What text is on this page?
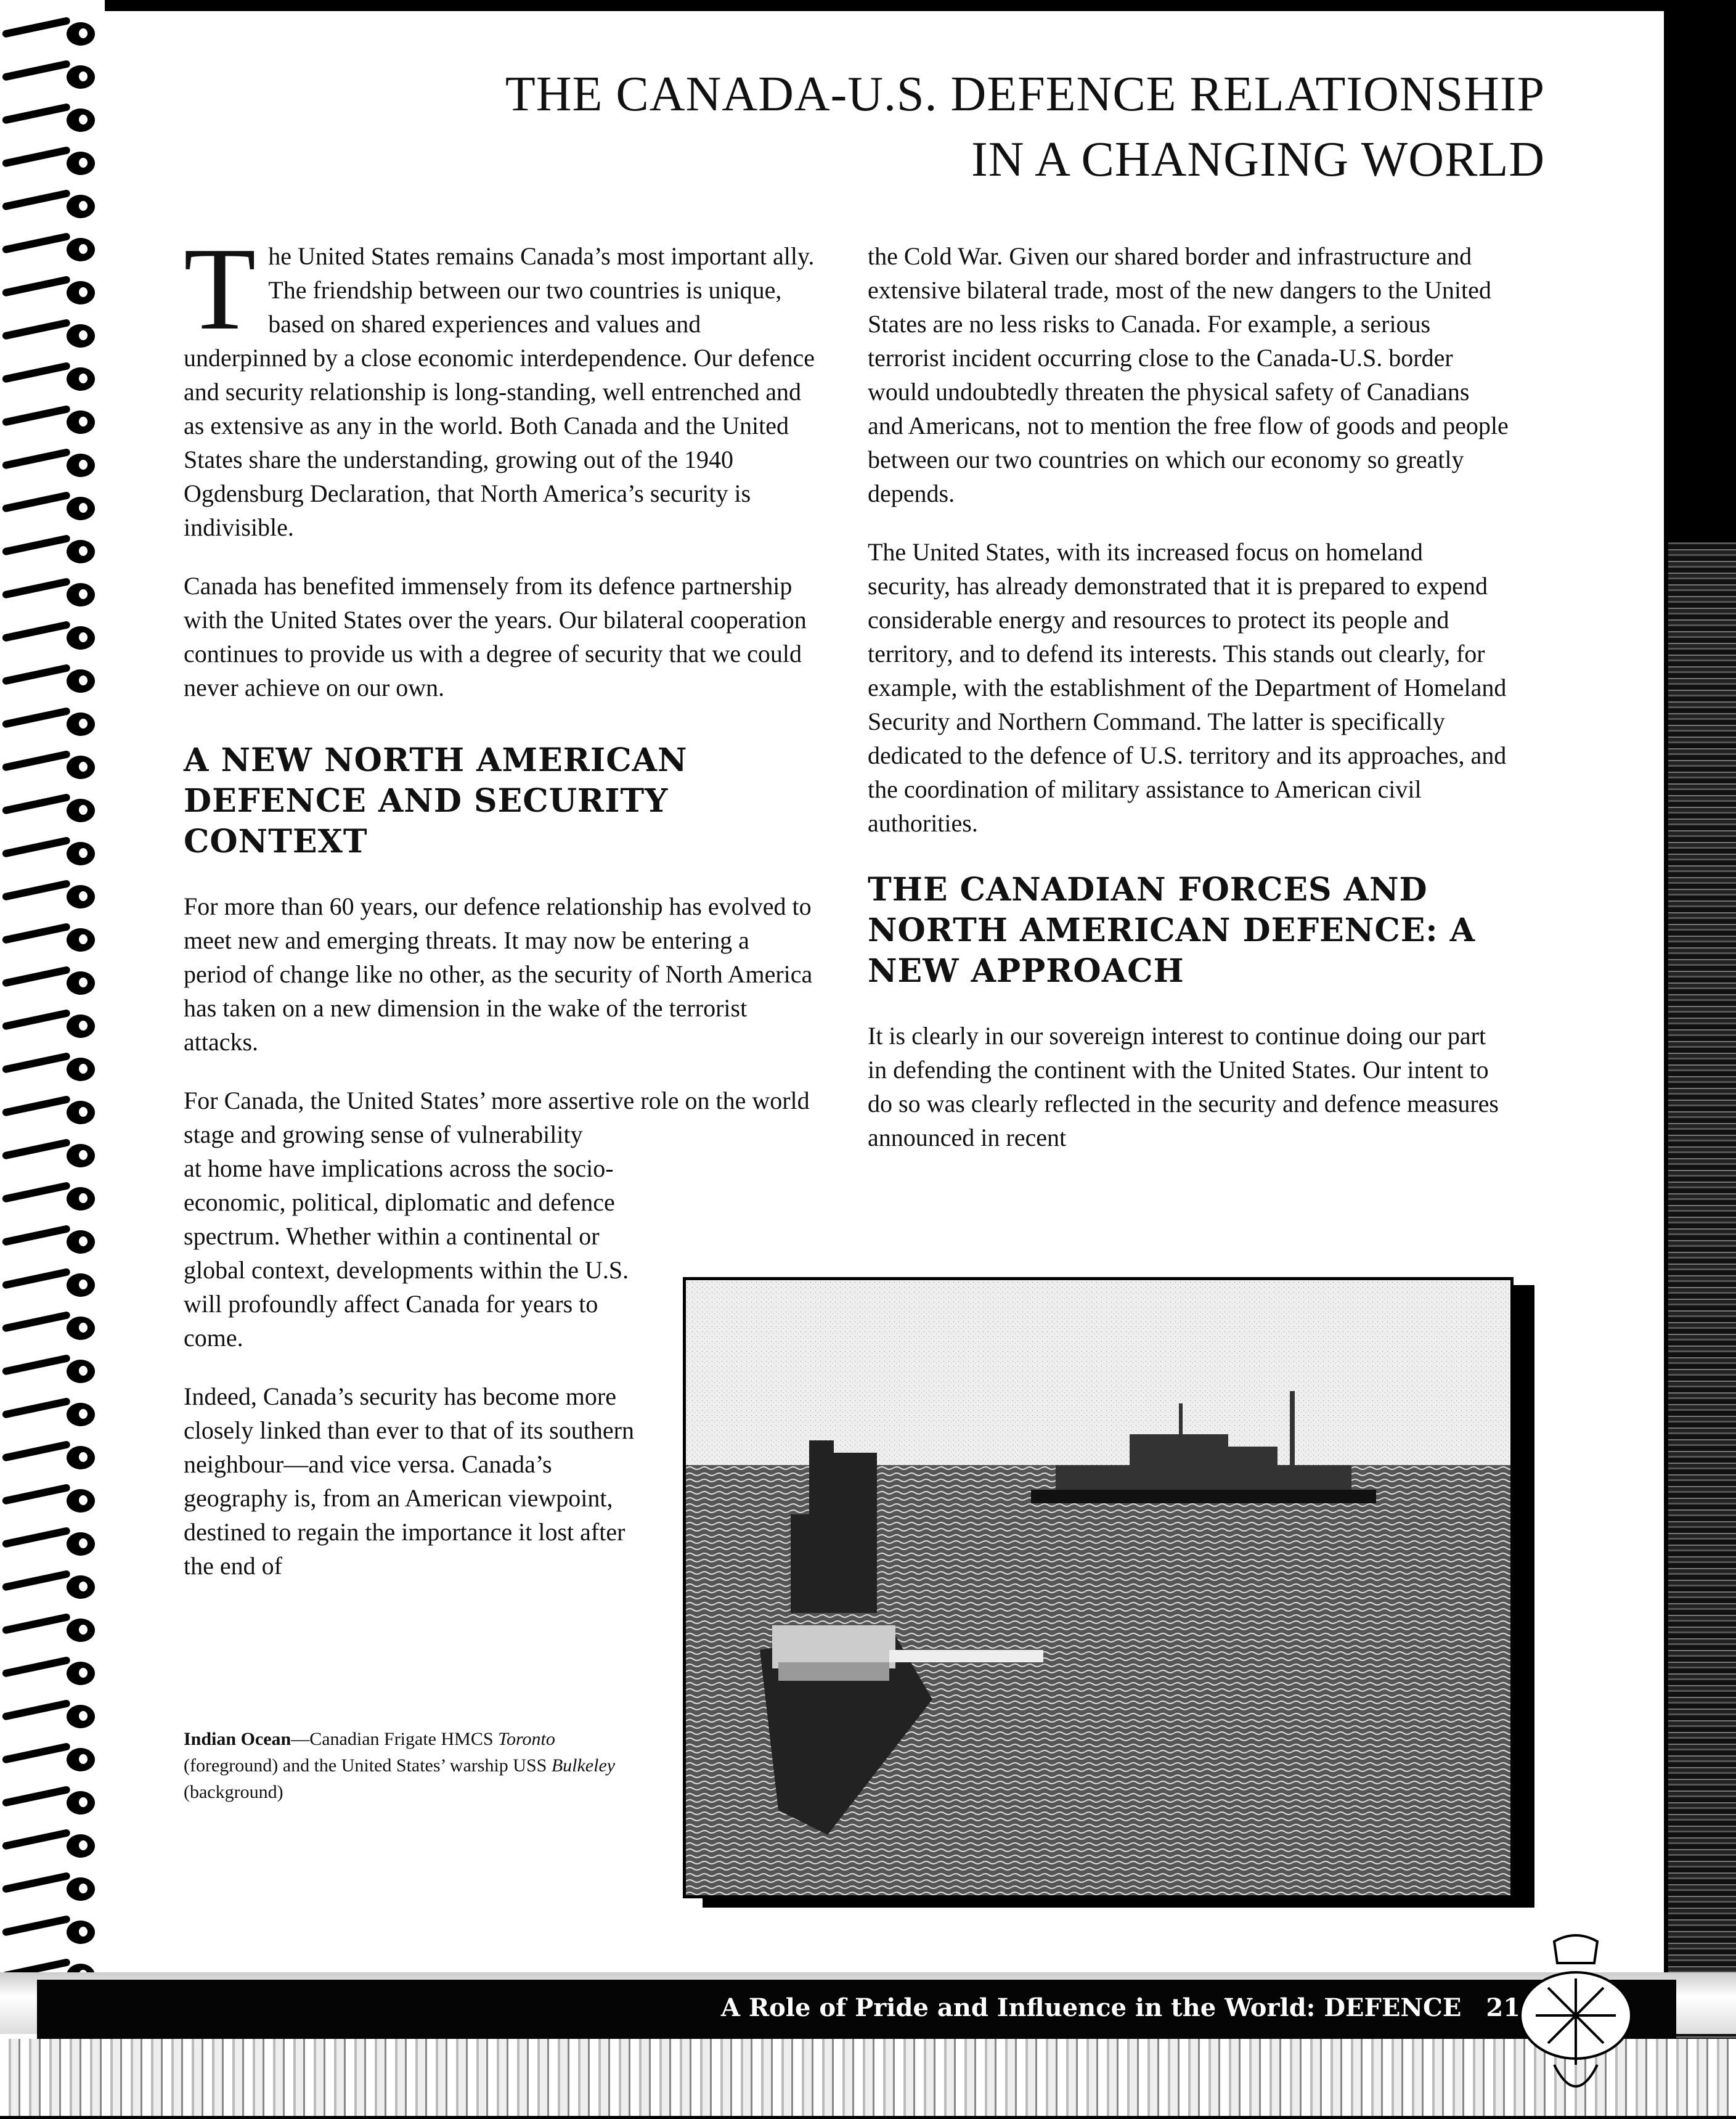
THE CANADA-U.S. DEFENCE RELATIONSHIP
IN A CHANGING WORLD

The United States remains Canada’s most important ally. The friendship between our two countries is unique, based on shared experiences and values and underpinned by a close economic interdependence. Our defence and security relationship is long-standing, well entrenched and as extensive as any in the world. Both Canada and the United States share the understanding, growing out of the 1940 Ogdensburg Declaration, that North America’s security is indivisible.

Canada has benefited immensely from its defence partnership with the United States over the years. Our bilateral cooperation continues to provide us with a degree of security that we could never achieve on our own.

A NEW NORTH AMERICAN DEFENCE AND SECURITY CONTEXT

For more than 60 years, our defence relationship has evolved to meet new and emerging threats. It may now be entering a period of change like no other, as the security of North America has taken on a new dimension in the wake of the terrorist attacks.

For Canada, the United States’ more assertive role on the world stage and growing sense of vulnerability
at home have implications across the socio-economic, political, diplomatic and defence spectrum. Whether within a continental or global context, developments within the U.S. will profoundly affect Canada for years to come.

Indeed, Canada’s security has become more closely linked than ever to that of its southern neighbour—and vice versa. Canada’s geography is, from an American viewpoint, destined to regain the importance it lost after the end of

the Cold War. Given our shared border and infrastructure and extensive bilateral trade, most of the new dangers to the United States are no less risks to Canada. For example, a serious terrorist incident occurring close to the Canada-U.S. border would undoubtedly threaten the physical safety of Canadians and Americans, not to mention the free flow of goods and people between our two countries on which our economy so greatly depends.

The United States, with its increased focus on homeland security, has already demonstrated that it is prepared to expend considerable energy and resources to protect its people and territory, and to defend its interests. This stands out clearly, for example, with the establishment of the Department of Homeland Security and Northern Command. The latter is specifically dedicated to the defence of U.S. territory and its approaches, and the coordination of military assistance to American civil authorities.

THE CANADIAN FORCES AND NORTH AMERICAN DEFENCE: A NEW APPROACH

It is clearly in our sovereign interest to continue doing our part in defending the continent with the United States. Our intent to do so was clearly reflected in the security and defence measures announced in recent

Indian Ocean—Canadian Frigate HMCS Toronto (foreground) and the United States’ warship USS Bulkeley (background)
A Role of Pride and Influence in the World: DEFENCE 21
